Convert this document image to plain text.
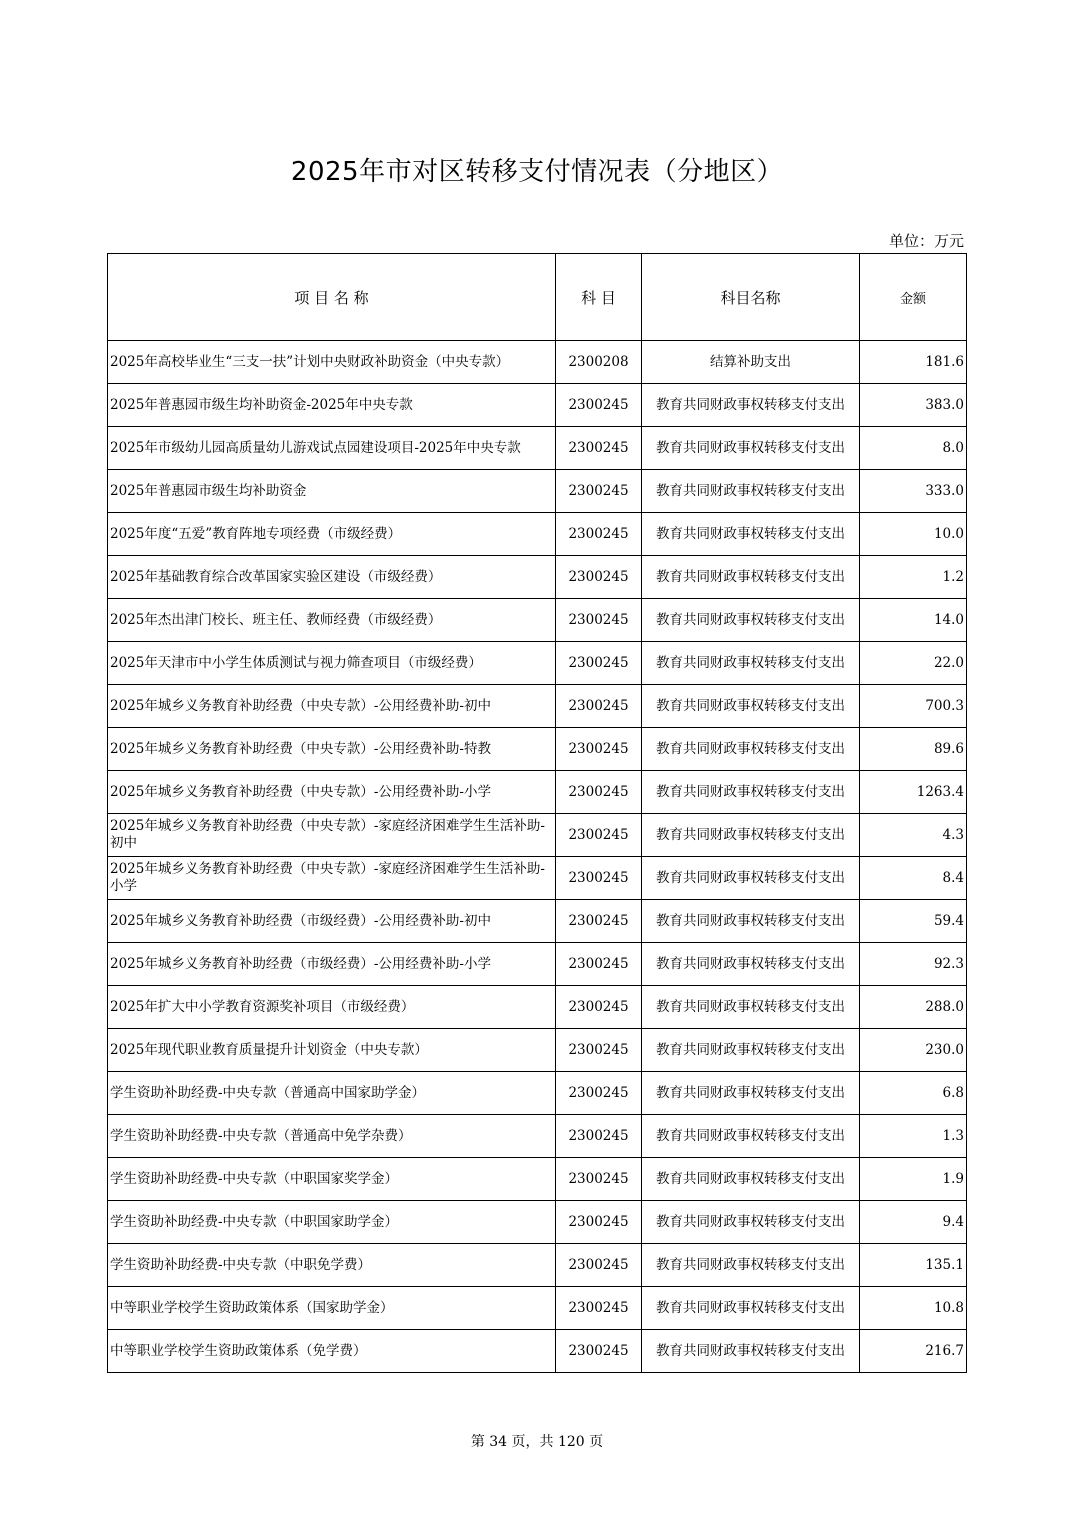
2025年市对区转移支付情况表（分地区）
单位：万元
项 目 名 称	科 目	科目名称	金额
2025年高校毕业生“三支一扶”计划中央财政补助资金（中央专款）	2300208	结算补助支出	181.6
2025年普惠园市级生均补助资金-2025年中央专款	2300245	教育共同财政事权转移支付支出	383.0
2025年市级幼儿园高质量幼儿游戏试点园建设项目-2025年中央专款	2300245	教育共同财政事权转移支付支出	8.0
2025年普惠园市级生均补助资金	2300245	教育共同财政事权转移支付支出	333.0
2025年度“五爱”教育阵地专项经费（市级经费）	2300245	教育共同财政事权转移支付支出	10.0
2025年基础教育综合改革国家实验区建设（市级经费）	2300245	教育共同财政事权转移支付支出	1.2
2025年杰出津门校长、班主任、教师经费（市级经费）	2300245	教育共同财政事权转移支付支出	14.0
2025年天津市中小学生体质测试与视力筛查项目（市级经费）	2300245	教育共同财政事权转移支付支出	22.0
2025年城乡义务教育补助经费（中央专款）-公用经费补助-初中	2300245	教育共同财政事权转移支付支出	700.3
2025年城乡义务教育补助经费（中央专款）-公用经费补助-特教	2300245	教育共同财政事权转移支付支出	89.6
2025年城乡义务教育补助经费（中央专款）-公用经费补助-小学	2300245	教育共同财政事权转移支付支出	1263.4
2025年城乡义务教育补助经费（中央专款）-家庭经济困难学生生活补助-初中	2300245	教育共同财政事权转移支付支出	4.3
2025年城乡义务教育补助经费（中央专款）-家庭经济困难学生生活补助-小学	2300245	教育共同财政事权转移支付支出	8.4
2025年城乡义务教育补助经费（市级经费）-公用经费补助-初中	2300245	教育共同财政事权转移支付支出	59.4
2025年城乡义务教育补助经费（市级经费）-公用经费补助-小学	2300245	教育共同财政事权转移支付支出	92.3
2025年扩大中小学教育资源奖补项目（市级经费）	2300245	教育共同财政事权转移支付支出	288.0
2025年现代职业教育质量提升计划资金（中央专款）	2300245	教育共同财政事权转移支付支出	230.0
学生资助补助经费-中央专款（普通高中国家助学金）	2300245	教育共同财政事权转移支付支出	6.8
学生资助补助经费-中央专款（普通高中免学杂费）	2300245	教育共同财政事权转移支付支出	1.3
学生资助补助经费-中央专款（中职国家奖学金）	2300245	教育共同财政事权转移支付支出	1.9
学生资助补助经费-中央专款（中职国家助学金）	2300245	教育共同财政事权转移支付支出	9.4
学生资助补助经费-中央专款（中职免学费）	2300245	教育共同财政事权转移支付支出	135.1
中等职业学校学生资助政策体系（国家助学金）	2300245	教育共同财政事权转移支付支出	10.8
中等职业学校学生资助政策体系（免学费）	2300245	教育共同财政事权转移支付支出	216.7
第 34 页，共 120 页
